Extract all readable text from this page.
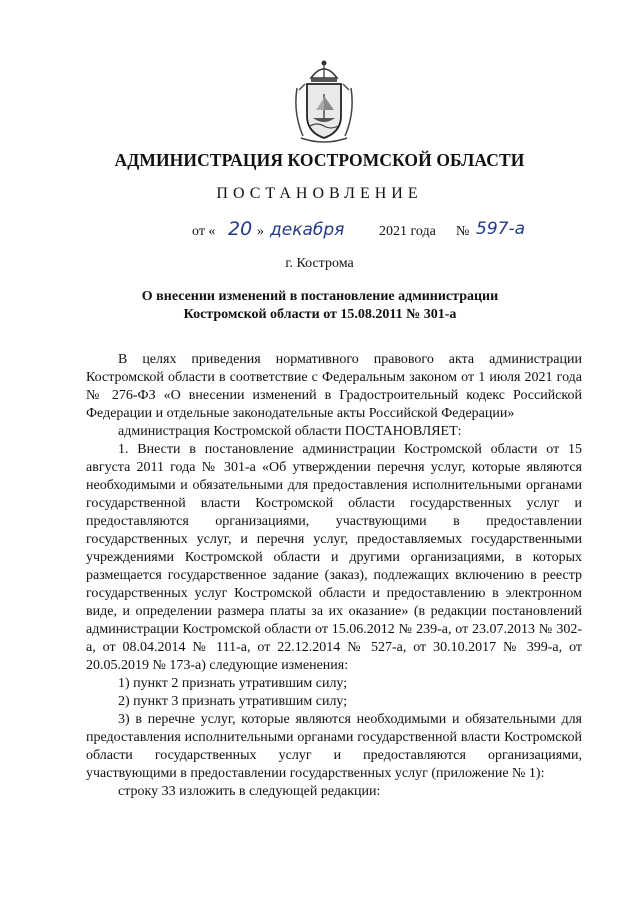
АДМИНИСТРАЦИЯ КОСТРОМСКОЙ ОБЛАСТИ
ПОСТАНОВЛЕНИЕ
от « 20 » декабря 2021 года № 597-а
г. Кострома
О внесении изменений в постановление администрации
Костромской области от 15.08.2011 № 301-а

В целях приведения нормативного правового акта администрации Костромской области в соответствие с Федеральным законом от 1 июля 2021 года № 276-ФЗ «О внесении изменений в Градостроительный кодекс Российской Федерации и отдельные законодательные акты Российской Федерации»

администрация Костромской области ПОСТАНОВЛЯЕТ:

1. Внести в постановление администрации Костромской области от 15 августа 2011 года № 301-а «Об утверждении перечня услуг, которые являются необходимыми и обязательными для предоставления исполнительными органами государственной власти Костромской области государственных услуг и предоставляются организациями, участвующими в предоставлении государственных услуг, и перечня услуг, предоставляемых государственными учреждениями Костромской области и другими организациями, в которых размещается государственное задание (заказ), подлежащих включению в реестр государственных услуг Костромской области и предоставлению в электронном виде, и определении размера платы за их оказание» (в редакции постановлений администрации Костромской области от 15.06.2012 № 239-а, от 23.07.2013 № 302-а, от 08.04.2014 № 111-а, от 22.12.2014 № 527-а, от 30.10.2017 № 399-а, от 20.05.2019 № 173-а) следующие изменения:

1) пункт 2 признать утратившим силу;

2) пункт 3 признать утратившим силу;

3) в перечне услуг, которые являются необходимыми и обязательными для предоставления исполнительными органами государственной власти Костромской области государственных услуг и предоставляются организациями, участвующими в предоставлении государственных услуг (приложение № 1):

строку 33 изложить в следующей редакции:
